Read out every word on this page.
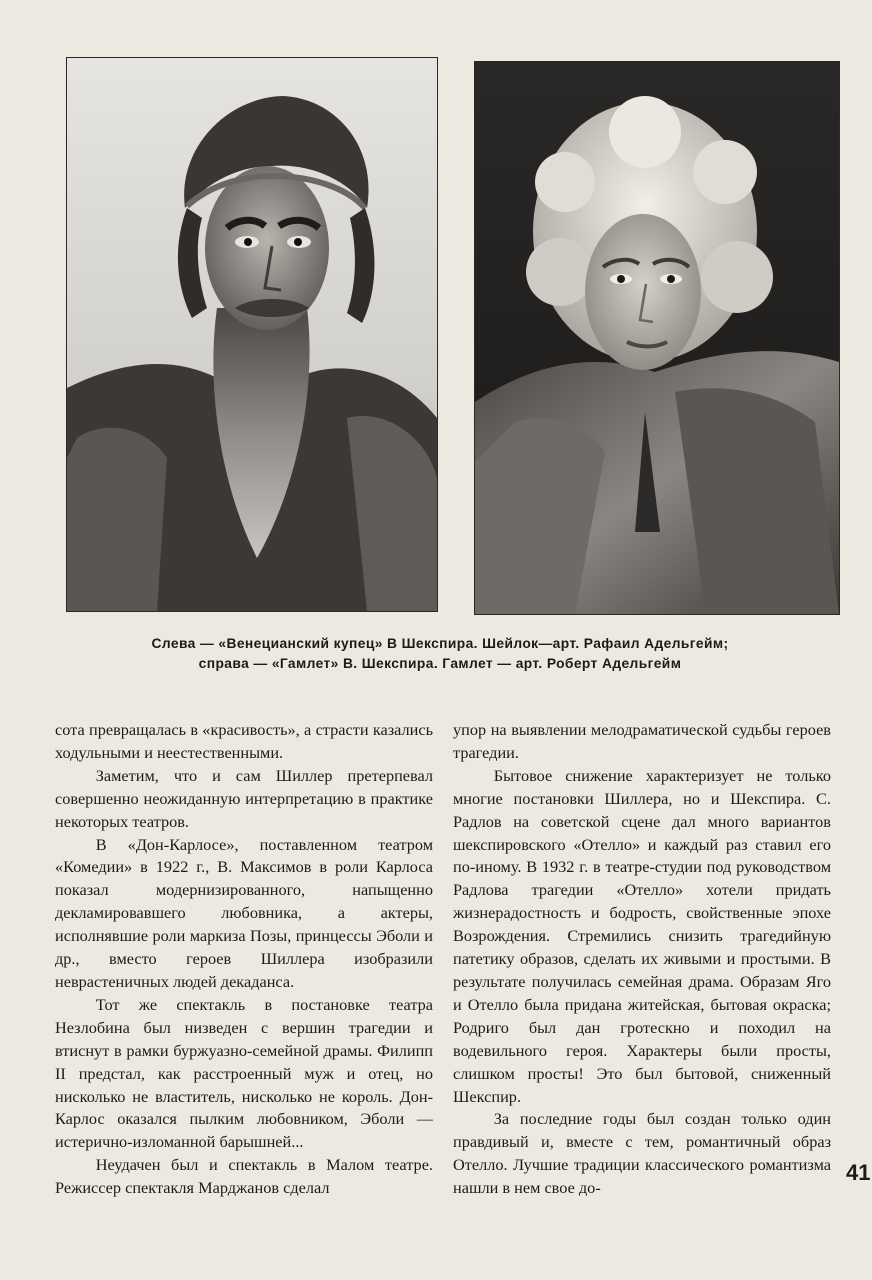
Слева — «Венецианский купец» В Шекспира. Шейлок—арт. Рафаил Адельгейм;
справа — «Гамлет» В. Шекспира. Гамлет — арт. Роберт Адельгейм

сота превращалась в «красивость», а страсти казались ходульными и неестественными.

Заметим, что и сам Шиллер претерпевал совершенно неожиданную интерпретацию в практике некоторых театров.

В «Дон-Карлосе», поставленном театром «Комедии» в 1922 г., В. Максимов в роли Карлоса показал модернизированного, напыщенно декламировавшего любовника, а актеры, исполнявшие роли маркиза Позы, принцессы Эболи и др., вместо героев Шиллера изобразили неврастеничных людей декаданса.

Тот же спектакль в постановке театра Незлобина был низведен с вершин трагедии и втиснут в рамки буржуазно-семейной драмы. Филипп II предстал, как расстроенный муж и отец, но нисколько не властитель, нисколько не король. Дон-Карлос оказался пылким любовником, Эболи — истерично-изломанной барышней...

Неудачен был и спектакль в Малом театре. Режиссер спектакля Марджанов сделал

упор на выявлении мелодраматической судьбы героев трагедии.

Бытовое снижение характеризует не только многие постановки Шиллера, но и Шекспира. С. Радлов на советской сцене дал много вариантов шекспировского «Отелло» и каждый раз ставил его по-иному. В 1932 г. в театре-студии под руководством Радлова трагедии «Отелло» хотели придать жизнерадостность и бодрость, свойственные эпохе Возрождения. Стремились снизить трагедийную патетику образов, сделать их живыми и простыми. В результате получилась семейная драма. Образам Яго и Отелло была придана житейская, бытовая окраска; Родриго был дан гротескно и походил на водевильного героя. Характеры были просты, слишком просты! Это был бытовой, сниженный Шекспир.

За последние годы был создан только один правдивый и, вместе с тем, романтичный образ Отелло. Лучшие традиции классического романтизма нашли в нем свое до-

41
